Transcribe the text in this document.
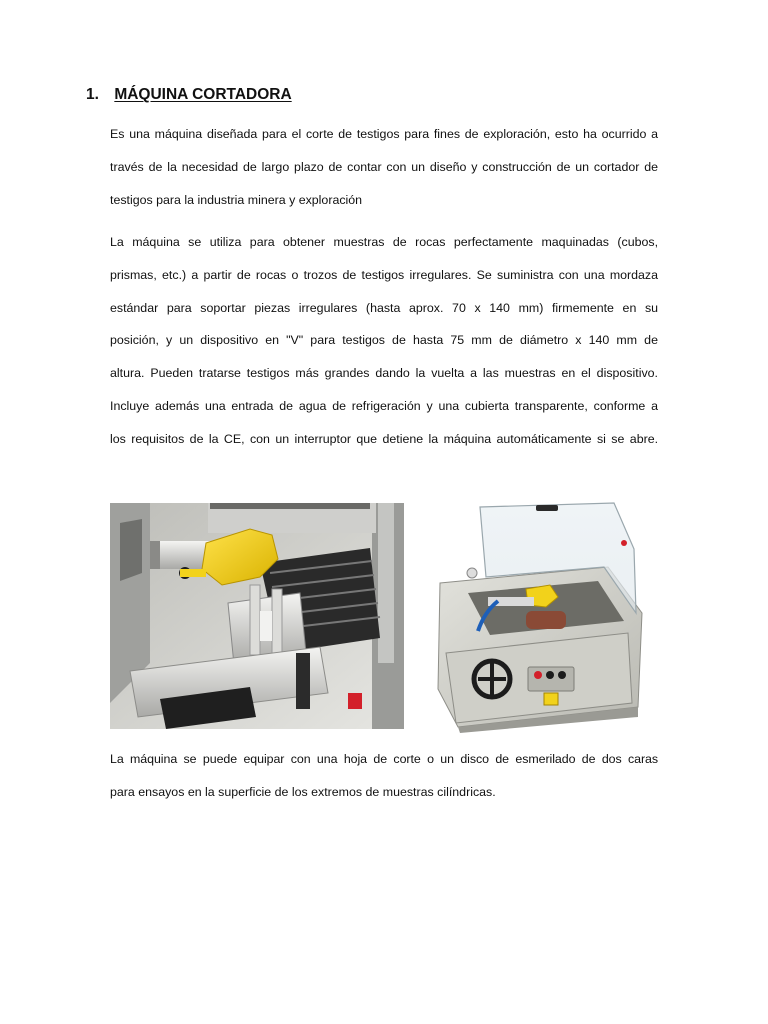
1. MÁQUINA CORTADORA
Es una máquina diseñada para el corte de testigos para fines de exploración, esto ha ocurrido a
través de la necesidad de largo plazo de contar con un diseño y construcción de un cortador de
testigos para la industria minera y exploración
La máquina se utiliza para obtener muestras de rocas perfectamente maquinadas (cubos,
prismas, etc.) a partir de rocas o trozos de testigos irregulares. Se suministra con una mordaza
estándar para soportar piezas irregulares (hasta aprox. 70 x 140 mm) firmemente en su
posición, y un dispositivo en "V" para testigos de hasta 75 mm de diámetro x 140 mm de
altura. Pueden tratarse testigos más grandes dando la vuelta a las muestras en el dispositivo.
Incluye además una entrada de agua de refrigeración y una cubierta transparente, conforme a
los requisitos de la CE, con un interruptor que detiene la máquina automáticamente si se abre.
La máquina se puede equipar con una hoja de corte o un disco de esmerilado de dos caras
para ensayos en la superficie de los extremos de muestras cilíndricas.
